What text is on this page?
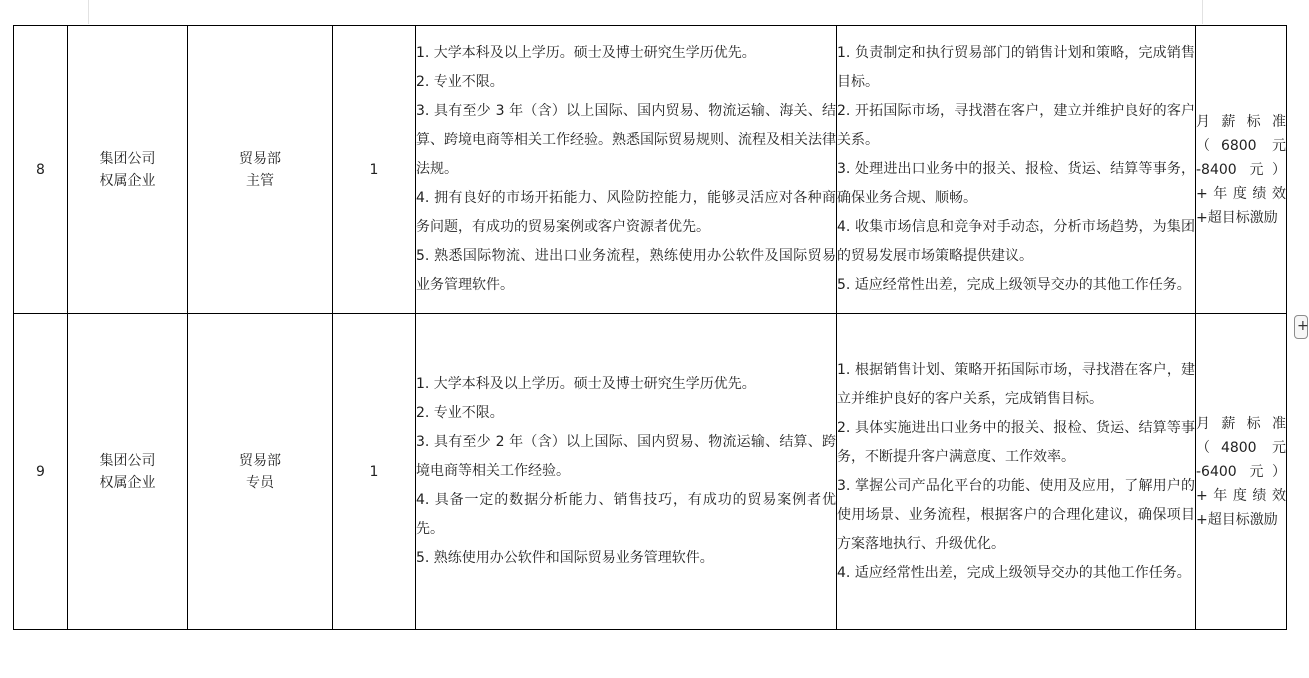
8	集团公司
权属企业	贸易部
主管	1	1. 大学本科及以上学历。硕士及博士研究生学历优先。
2. 专业不限。
3. 具有至少 3 年（含）以上国际、国内贸易、物流运输、海关、结算、跨境电商等相关工作经验。熟悉国际贸易规则、流程及相关法律法规。
4. 拥有良好的市场开拓能力、风险防控能力，能够灵活应对各种商务问题，有成功的贸易案例或客户资源者优先。
5. 熟悉国际物流、进出口业务流程，熟练使用办公软件及国际贸易业务管理软件。	1. 负责制定和执行贸易部门的销售计划和策略，完成销售目标。
2. 开拓国际市场，寻找潜在客户，建立并维护良好的客户关系。
3. 处理进出口业务中的报关、报检、货运、结算等事务，确保业务合规、顺畅。
4. 收集市场信息和竞争对手动态，分析市场趋势，为集团的贸易发展市场策略提供建议。
5. 适应经常性出差，完成上级领导交办的其他工作任务。	月薪标准（6800 元 -8400 元）+年度绩效+超目标激励
9	集团公司
权属企业	贸易部
专员	1	1. 大学本科及以上学历。硕士及博士研究生学历优先。
2. 专业不限。
3. 具有至少 2 年（含）以上国际、国内贸易、物流运输、结算、跨境电商等相关工作经验。
4. 具备一定的数据分析能力、销售技巧，有成功的贸易案例者优先。
5. 熟练使用办公软件和国际贸易业务管理软件。	1. 根据销售计划、策略开拓国际市场，寻找潜在客户，建立并维护良好的客户关系，完成销售目标。
2. 具体实施进出口业务中的报关、报检、货运、结算等事务，不断提升客户满意度、工作效率。
3. 掌握公司产品化平台的功能、使用及应用，了解用户的使用场景、业务流程，根据客户的合理化建议，确保项目方案落地执行、升级优化。
4. 适应经常性出差，完成上级领导交办的其他工作任务。	月薪标准（4800 元 -6400 元）+年度绩效+超目标激励
+
